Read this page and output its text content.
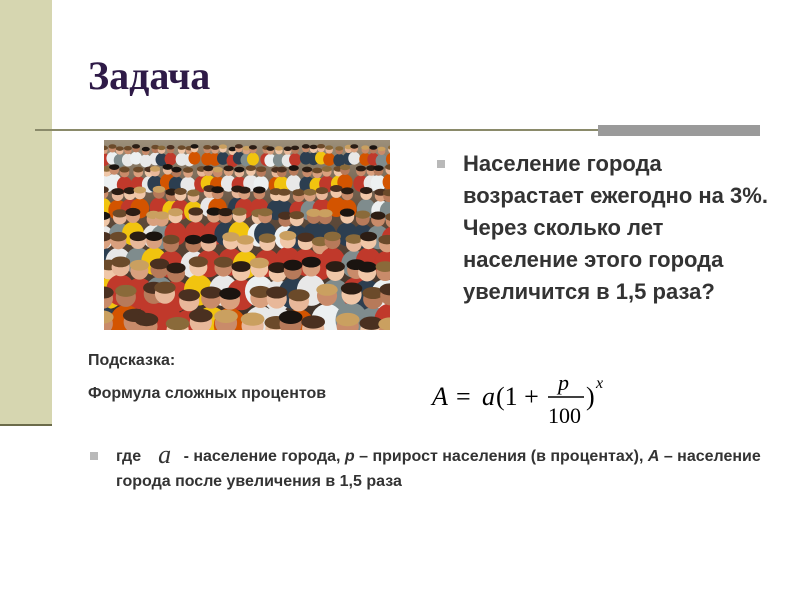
Задача
Население города возрастает ежегодно на 3%. Через сколько лет население этого города увеличится в 1,5 раза?
Подсказка:
Формула сложных процентов	A = a (1 + p
100
) x
где a - население города, р – прирост населения (в процентах), А – население города после увеличения в 1,5 раза
